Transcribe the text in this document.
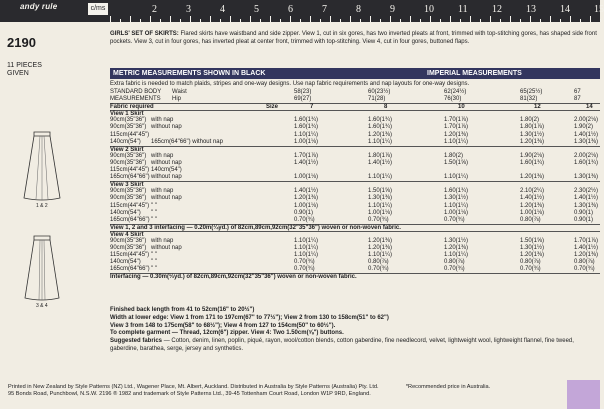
andy rule	c/ms	2	3	4	5	6	7	8	9	10 11 12 13 14 15
2190
11 PIECES
GIVEN
1 & 2
3 & 4
GIRLS' SET OF SKIRTS: Flared skirts have waistband and side zipper. View 1, cut in six gores, has two inverted pleats at front, trimmed with top-stitching gores, has shaped side front pockets. View 3, cut in four gores, has inverted pleat at center front, trimmed with top-stitching. View 4, cut in four gores, buttoned flaps.
METRIC MEASUREMENTS SHOWN IN BLACK	IMPERIAL MEASUREMENTS
Extra fabric is needed to match plaids, stripes and one-way designs. Use nap fabric requirements and nap layouts for one-way designs.
STANDARD BODY Waist	58(23)	60(23½)	62(24½)	65(25½)	67
MEASUREMENTS Hip	69(27)	71(28)	76(30)	81(32)	87
Fabric required	Size	7	8	10	12	14
View 1 Skirt
90cm(35"36") with nap	1.60(1¾)	1.60(1¾)	1.70(1⅞)	1.80(2)	2.00(2⅛)
90cm(35"36") without nap	1.60(1¾)	1.60(1¾)	1.70(1⅞)	1.80(1⅞)	1.90(2)
115cm(44"45")	1.10(1¼)	1.20(1⅜)	1.20(1⅜)	1.30(1½)	1.40(1½)
140cm(54") 165cm(64"66") without nap	1.00(1⅛)	1.10(1¼)	1.10(1¼)	1.20(1⅜)	1.30(1⅜)
View 2 Skirt
90cm(35"36") with nap	1.70(1⅞)	1.80(1⅞)	1.80(2)	1.90(2⅛)	2.00(2⅛)
90cm(35"36") without nap	1.40(1½)	1.40(1½)	1.50(1⅝)	1.60(1¾)	1.60(1¾)
115cm(44"45") 140cm(54")
165cm(64"66") without nap	1.00(1⅛)	1.10(1¼)	1.10(1¼)	1.20(1⅜)	1.30(1⅜)
View 3 Skirt
90cm(35"36") with nap	1.40(1½)	1.50(1⅝)	1.60(1¾)	2.10(2¼)	2.30(2½)
90cm(35"36") without nap	1.20(1⅜)	1.30(1⅜)	1.30(1½)	1.40(1½)	1.40(1½)
115cm(44"45") " "	1.00(1⅛)	1.10(1¼)	1.10(1¼)	1.20(1⅜)	1.30(1⅜)
140cm(54") " "	0.90(1)	1.00(1⅛)	1.00(1⅛)	1.00(1⅛)	0.90(1)
165cm(64"66") " "	0.70(¾)	0.70(¾)	0.70(¾)	0.80(⅞)	0.90(1)
View 1, 2 and 3 interfacing — 0.20m(¼yd.) of 82cm,89cm,92cm(32"35"36") woven or non-woven fabric.
View 4 Skirt
90cm(35"36") with nap	1.10(1¼)	1.20(1⅜)	1.30(1½)	1.50(1⅝)	1.70(1⅞)
90cm(35"36") without nap	1.10(1¼)	1.20(1⅜)	1.20(1⅜)	1.30(1½)	1.40(1½)
115cm(44"45") " "	1.10(1¼)	1.10(1¼)	1.10(1¼)	1.20(1⅜)	1.20(1⅜)
140cm(54") " "	0.70(¾)	0.80(⅞)	0.80(⅞)	0.80(⅞)	0.80(⅞)
165cm(64"66") " "	0.70(¾)	0.70(¾)	0.70(¾)	0.70(¾)	0.70(¾)
Interfacing — 0.30m(⅓yd.) of 82cm,89cm,92cm(32"35"36") woven or non-woven fabric.
Finished back length from 41 to 52cm(16" to 20½")
Width at lower edge: View 1 from 171 to 197cm(67" to 77½"); View 2 from 130 to 158cm(51" to 62")
View 3 from 148 to 175cm(58" to 68½"); View 4 from 127 to 154cm(50" to 60½").
To complete garment — Thread, 12cm(6") zipper. View 4: Two 1.50cm(⅝") buttons.
Suggested fabrics — Cotton, denim, linen, poplin, piqué, rayon, wool/cotton blends, cotton gaberdine, fine needlecord, velvet, lightweight wool, lightweight flannel, fine tweed, gaberdine, barathea, serge, jersey and synthetics.
Printed in New Zealand by Style Patterns (NZ) Ltd., Wagener Place, Mt. Albert, Auckland. Distributed in Australia by Style Patterns (Australia) Pty. Ltd.
95 Bonds Road, Punchbowl, N.S.W. 2196 ® 1982 and trademark of Style Patterns Ltd., 39-45 Tottenham Court Road, London W1P 9RD, England.
*Recommended price in Australia.
